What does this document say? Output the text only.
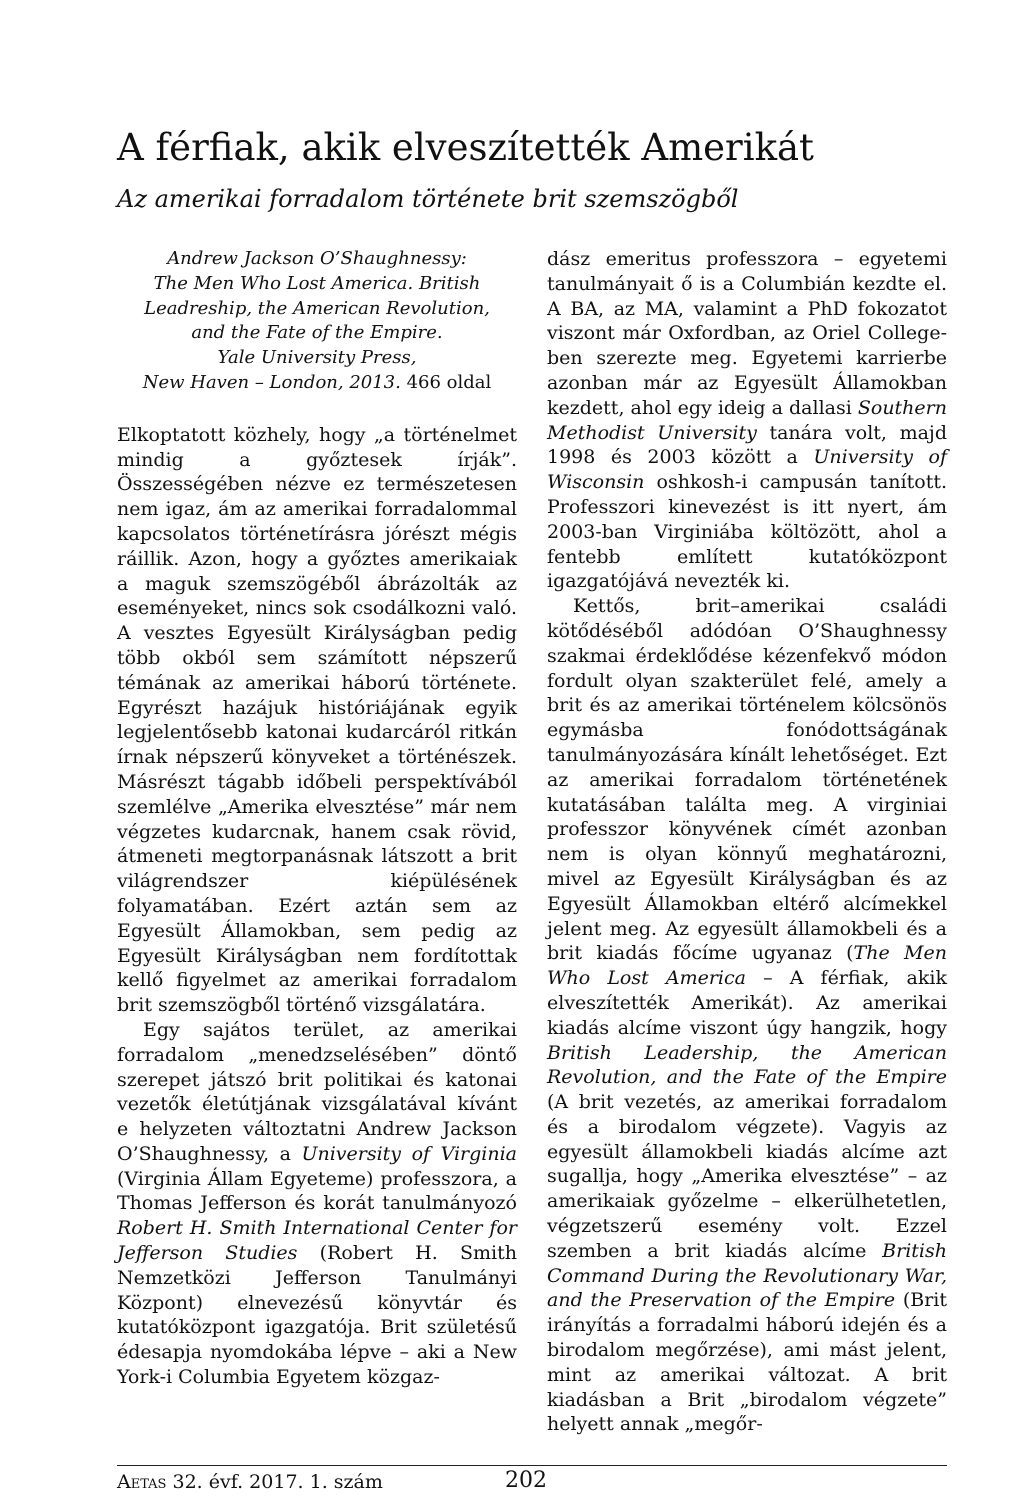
A férfiak, akik elveszítették Amerikát
Az amerikai forradalom története brit szemszögből
Andrew Jackson O’Shaughnessy:
The Men Who Lost America. British
Leadreship, the American Revolution,
and the Fate of the Empire.
Yale University Press,
New Haven – London, 2013. 466 oldal

Elkoptatott közhely, hogy „a történelmet mindig a győztesek írják”. Összességében nézve ez természetesen nem igaz, ám az amerikai forradalommal kapcsolatos történetírásra jórészt mégis ráillik. Azon, hogy a győztes amerikaiak a maguk szemszögéből ábrázolták az eseményeket, nincs sok csodálkozni való. A vesztes Egyesült Királyságban pedig több okból sem számított népszerű témának az amerikai háború története. Egyrészt hazájuk históriájának egyik legjelentősebb katonai kudarcáról ritkán írnak népszerű könyveket a történészek. Másrészt tágabb időbeli perspektívából szemlélve „Amerika elvesztése” már nem végzetes kudarcnak, hanem csak rövid, átmeneti megtorpanásnak látszott a brit világrendszer kiépülésének folyamatában. Ezért aztán sem az Egyesült Államokban, sem pedig az Egyesült Királyságban nem fordítottak kellő figyelmet az amerikai forradalom brit szemszögből történő vizsgálatára.

Egy sajátos terület, az amerikai forradalom „menedzselésében” döntő szerepet játszó brit politikai és katonai vezetők életútjának vizsgálatával kívánt e helyzeten változtatni Andrew Jackson O’Shaughnessy, a University of Virginia (Virginia Állam Egyeteme) professzora, a Thomas Jefferson és korát tanulmányozó Robert H. Smith International Center for Jefferson Studies (Robert H. Smith Nemzetközi Jefferson Tanulmányi Központ) elnevezésű könyvtár és kutatóközpont igazgatója. Brit születésű édesapja nyomdokába lépve – aki a New York-i Columbia Egyetem közgaz-

dász emeritus professzora – egyetemi tanulmányait ő is a Columbián kezdte el. A BA, az MA, valamint a PhD fokozatot viszont már Oxfordban, az Oriel College-ben szerezte meg. Egyetemi karrierbe azonban már az Egyesült Államokban kezdett, ahol egy ideig a dallasi Southern Methodist University tanára volt, majd 1998 és 2003 között a University of Wisconsin oshkosh-i campusán tanított. Professzori kinevezést is itt nyert, ám 2003-ban Virginiába költözött, ahol a fentebb említett kutatóközpont igazgatójává nevezték ki.

Kettős, brit–amerikai családi kötődéséből adódóan O’Shaughnessy szakmai érdeklődése kézenfekvő módon fordult olyan szakterület felé, amely a brit és az amerikai történelem kölcsönös egymásba fonódottságának tanulmányozására kínált lehetőséget. Ezt az amerikai forradalom történetének kutatásában találta meg. A virginiai professzor könyvének címét azonban nem is olyan könnyű meghatározni, mivel az Egyesült Királyságban és az Egyesült Államokban eltérő alcímekkel jelent meg. Az egyesült államokbeli és a brit kiadás főcíme ugyanaz (The Men Who Lost America – A férfiak, akik elveszítették Amerikát). Az amerikai kiadás alcíme viszont úgy hangzik, hogy British Leadership, the American Revolution, and the Fate of the Empire (A brit vezetés, az amerikai forradalom és a birodalom végzete). Vagyis az egyesült államokbeli kiadás alcíme azt sugallja, hogy „Amerika elvesztése” – az amerikaiak győzelme – elkerülhetetlen, végzetszerű esemény volt. Ezzel szemben a brit kiadás alcíme British Command During the Revolutionary War, and the Preservation of the Empire (Brit irányítás a forradalmi háború idején és a birodalom megőrzése), ami mást jelent, mint az amerikai változat. A brit kiadásban a Brit „birodalom végzete” helyett annak „megőr-

Aetas 32. évf. 2017. 1. szám	202
